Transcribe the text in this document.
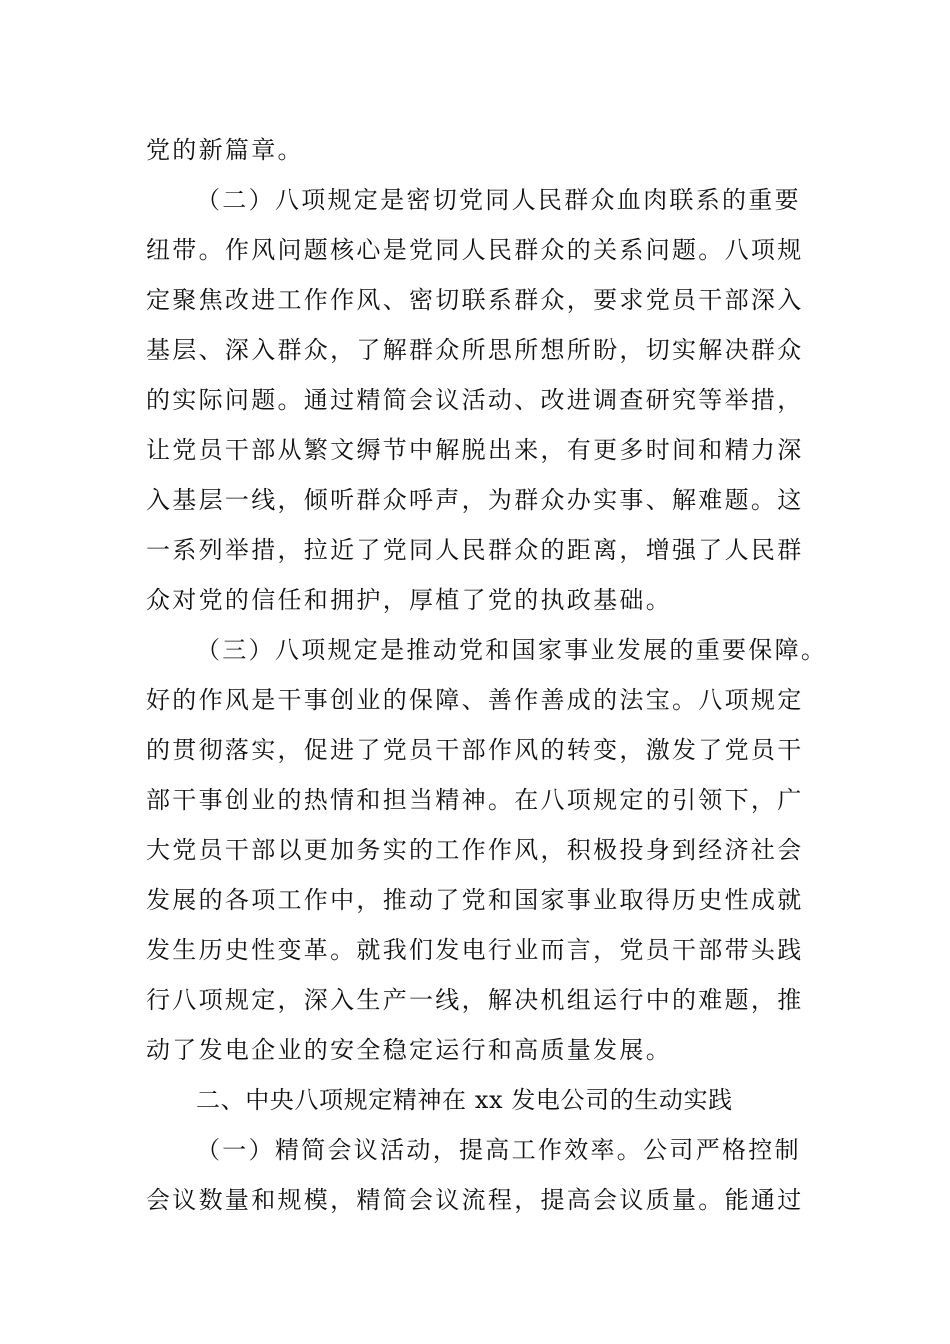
党的新篇章。
（二）八项规定是密切党同人民群众血肉联系的重要
纽带。作风问题核心是党同人民群众的关系问题。八项规
定聚焦改进工作作风、密切联系群众，要求党员干部深入
基层、深入群众，了解群众所思所想所盼，切实解决群众
的实际问题。通过精简会议活动、改进调查研究等举措，
让党员干部从繁文缛节中解脱出来，有更多时间和精力深
入基层一线，倾听群众呼声，为群众办实事、解难题。这
一系列举措，拉近了党同人民群众的距离，增强了人民群
众对党的信任和拥护，厚植了党的执政基础。
（三）八项规定是推动党和国家事业发展的重要保障。
好的作风是干事创业的保障、善作善成的法宝。八项规定
的贯彻落实，促进了党员干部作风的转变，激发了党员干
部干事创业的热情和担当精神。在八项规定的引领下，广
大党员干部以更加务实的工作作风，积极投身到经济社会
发展的各项工作中，推动了党和国家事业取得历史性成就
发生历史性变革。就我们发电行业而言，党员干部带头践
行八项规定，深入生产一线，解决机组运行中的难题，推
动了发电企业的安全稳定运行和高质量发展。
二、中央八项规定精神在 xx 发电公司的生动实践
（一）精简会议活动，提高工作效率。公司严格控制
会议数量和规模，精简会议流程，提高会议质量。能通过
